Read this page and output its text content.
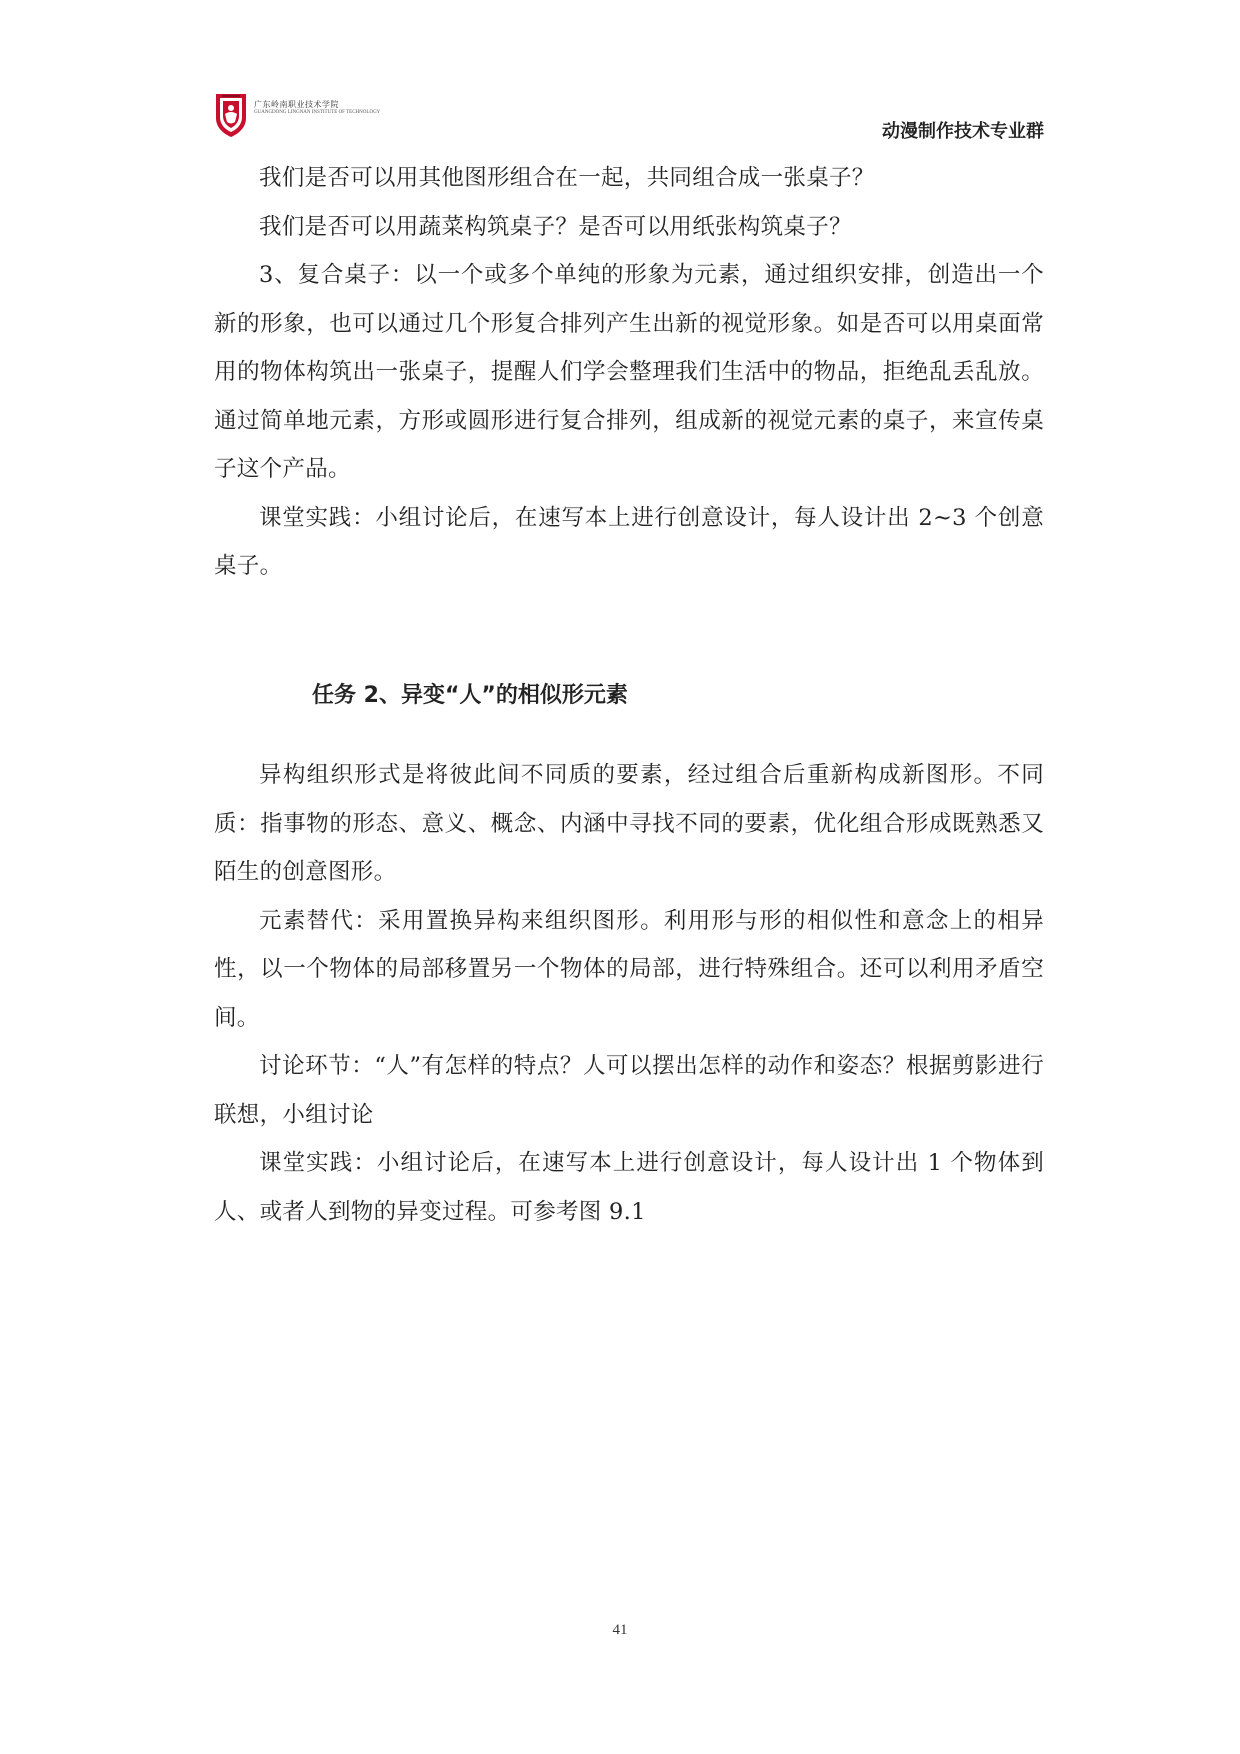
广东岭南职业技术学院
GUANGDONG LINGNAN INSTITUTE OF TECHNOLOGY
动漫制作技术专业群

我们是否可以用其他图形组合在一起，共同组合成一张桌子？

我们是否可以用蔬菜构筑桌子？是否可以用纸张构筑桌子？

3、复合桌子：以一个或多个单纯的形象为元素，通过组织安排，创造出一个新的形象，也可以通过几个形复合排列产生出新的视觉形象。如是否可以用桌面常用的物体构筑出一张桌子，提醒人们学会整理我们生活中的物品，拒绝乱丢乱放。通过简单地元素，方形或圆形进行复合排列，组成新的视觉元素的桌子，来宣传桌子这个产品。

课堂实践：小组讨论后，在速写本上进行创意设计，每人设计出 2~3 个创意桌子。

任务 2、异变“人”的相似形元素

异构组织形式是将彼此间不同质的要素，经过组合后重新构成新图形。不同质：指事物的形态、意义、概念、内涵中寻找不同的要素，优化组合形成既熟悉又陌生的创意图形。

元素替代：采用置换异构来组织图形。利用形与形的相似性和意念上的相异性，以一个物体的局部移置另一个物体的局部，进行特殊组合。还可以利用矛盾空间。

讨论环节：“人”有怎样的特点？人可以摆出怎样的动作和姿态？根据剪影进行联想，小组讨论

课堂实践：小组讨论后，在速写本上进行创意设计，每人设计出 1 个物体到人、或者人到物的异变过程。可参考图 9.1

41
